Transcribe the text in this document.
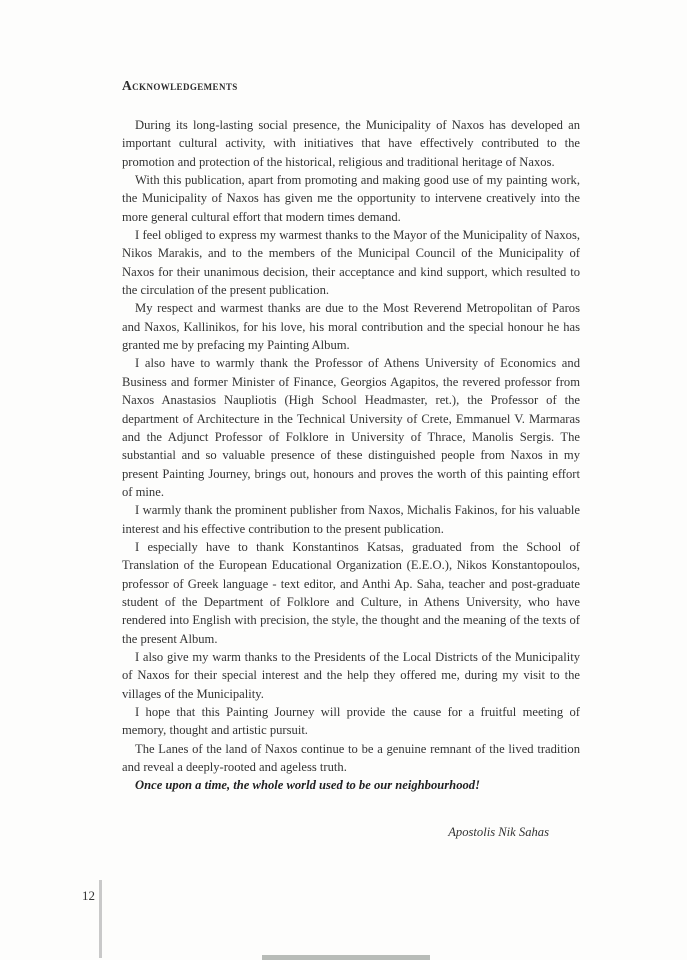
Acknowledgements

During its long-lasting social presence, the Municipality of Naxos has developed an important cultural activity, with initiatives that have effectively contributed to the promotion and protection of the historical, religious and traditional heritage of Naxos.

With this publication, apart from promoting and making good use of my painting work, the Municipality of Naxos has given me the opportunity to intervene creatively into the more general cultural effort that modern times demand.

I feel obliged to express my warmest thanks to the Mayor of the Municipality of Naxos, Nikos Marakis, and to the members of the Municipal Council of the Municipality of Naxos for their unanimous decision, their acceptance and kind support, which resulted to the circulation of the present publication.

My respect and warmest thanks are due to the Most Reverend Metropolitan of Paros and Naxos, Kallinikos, for his love, his moral contribution and the special honour he has granted me by prefacing my Painting Album.

I also have to warmly thank the Professor of Athens University of Economics and Business and former Minister of Finance, Georgios Agapitos, the revered professor from Naxos Anastasios Naupliotis (High School Headmaster, ret.), the Professor of the department of Architecture in the Technical University of Crete, Emmanuel V. Marmaras and the Adjunct Professor of Folklore in University of Thrace, Manolis Sergis. The substantial and so valuable presence of these distinguished people from Naxos in my present Painting Journey, brings out, honours and proves the worth of this painting effort of mine.

I warmly thank the prominent publisher from Naxos, Michalis Fakinos, for his valuable interest and his effective contribution to the present publication.

I especially have to thank Konstantinos Katsas, graduated from the School of Translation of the European Educational Organization (E.E.O.), Nikos Konstantopoulos, professor of Greek language - text editor, and Anthi Ap. Saha, teacher and post-graduate student of the Department of Folklore and Culture, in Athens University, who have rendered into English with precision, the style, the thought and the meaning of the texts of the present Album.

I also give my warm thanks to the Presidents of the Local Districts of the Municipality of Naxos for their special interest and the help they offered me, during my visit to the villages of the Municipality.

I hope that this Painting Journey will provide the cause for a fruitful meeting of memory, thought and artistic pursuit.

The Lanes of the land of Naxos continue to be a genuine remnant of the lived tradition and reveal a deeply-rooted and ageless truth.

Once upon a time, the whole world used to be our neighbourhood!

Apostolis Nik Sahas
12
